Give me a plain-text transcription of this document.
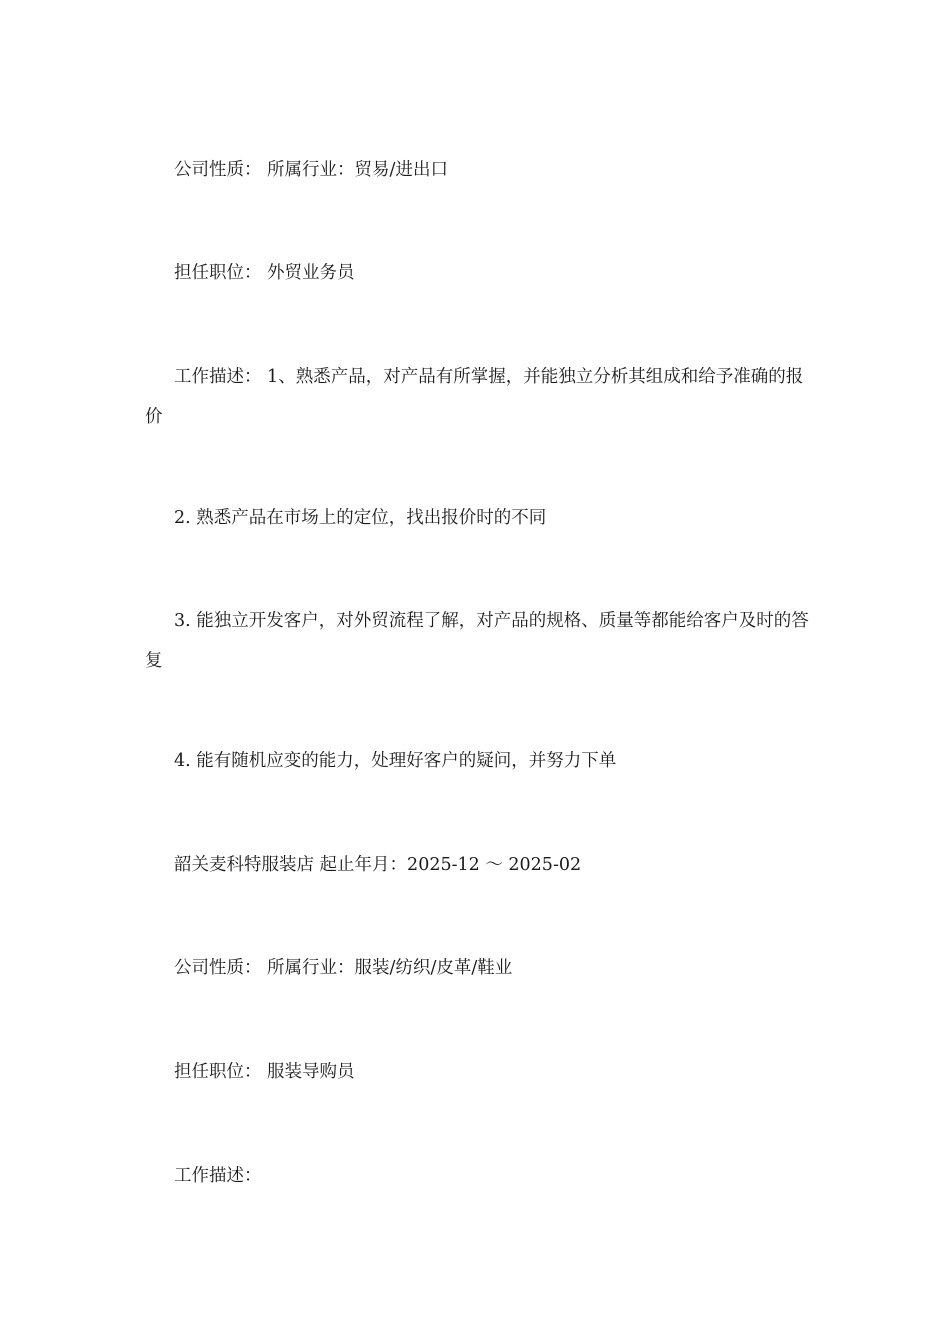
公司性质： 所属行业：贸易/进出口

担任职位： 外贸业务员

工作描述： 1、熟悉产品，对产品有所掌握，并能独立分析其组成和给予准确的报价

2. 熟悉产品在市场上的定位，找出报价时的不同

3. 能独立开发客户，对外贸流程了解，对产品的规格、质量等都能给客户及时的答复

4. 能有随机应变的能力，处理好客户的疑问，并努力下单

韶关麦科特服装店 起止年月：2025-12 ～ 2025-02

公司性质： 所属行业：服装/纺织/皮革/鞋业

担任职位： 服装导购员

工作描述：
